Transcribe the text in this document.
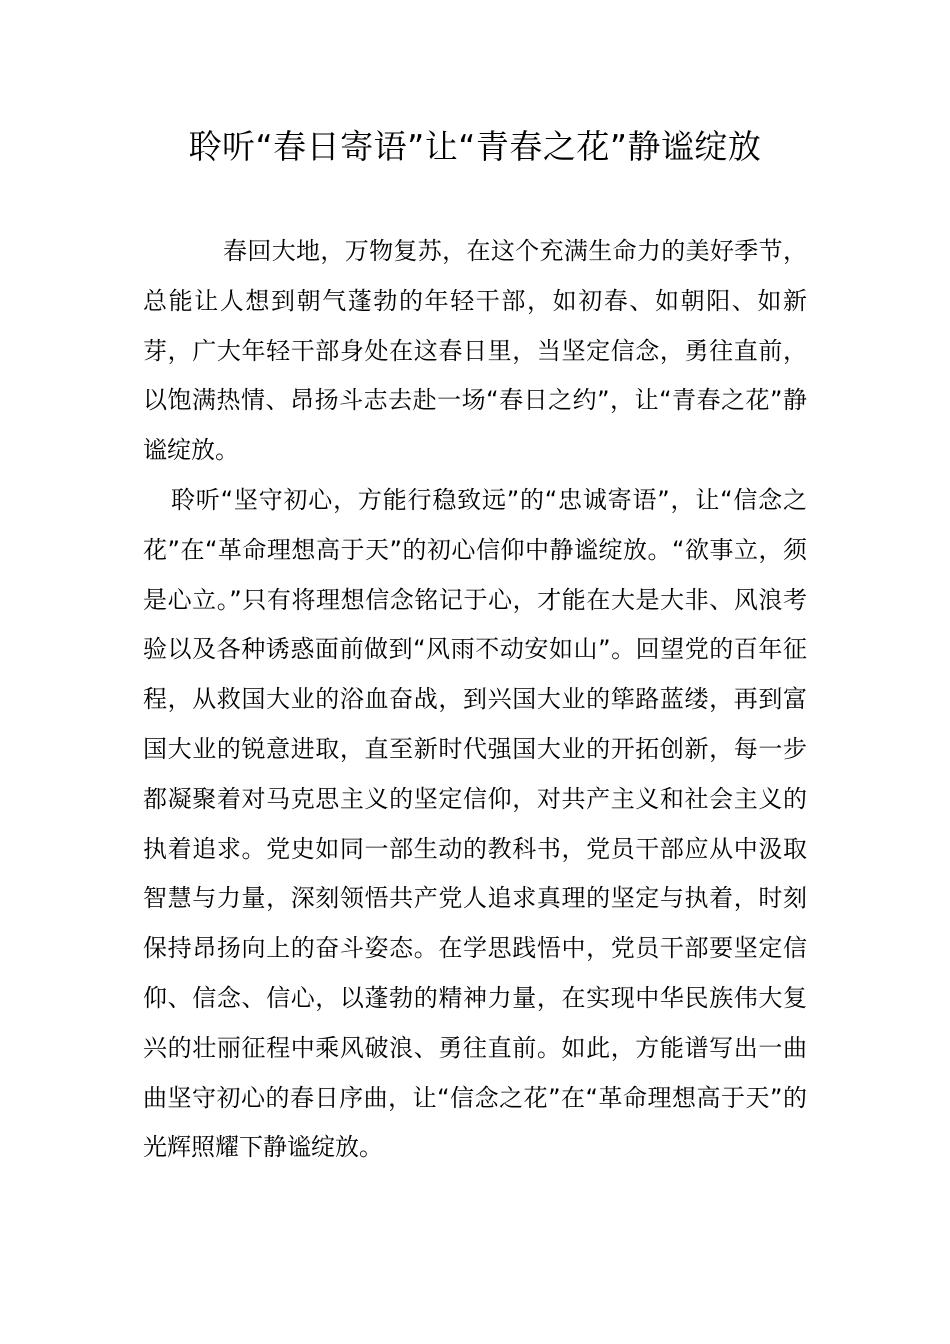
聆听“春日寄语”让“青春之花”静谧绽放

春回大地，万物复苏，在这个充满生命力的美好季节，总能让人想到朝气蓬勃的年轻干部，如初春、如朝阳、如新芽，广大年轻干部身处在这春日里，当坚定信念，勇往直前，以饱满热情、昂扬斗志去赴一场“春日之约”，让“青春之花”静谧绽放。

聆听“坚守初心，方能行稳致远”的“忠诚寄语”，让“信念之花”在“革命理想高于天”的初心信仰中静谧绽放。“欲事立，须是心立。”只有将理想信念铭记于心，才能在大是大非、风浪考验以及各种诱惑面前做到“风雨不动安如山”。回望党的百年征程，从救国大业的浴血奋战，到兴国大业的筚路蓝缕，再到富国大业的锐意进取，直至新时代强国大业的开拓创新，每一步都凝聚着对马克思主义的坚定信仰，对共产主义和社会主义的执着追求。党史如同一部生动的教科书，党员干部应从中汲取智慧与力量，深刻领悟共产党人追求真理的坚定与执着，时刻保持昂扬向上的奋斗姿态。在学思践悟中，党员干部要坚定信仰、信念、信心，以蓬勃的精神力量，在实现中华民族伟大复兴的壮丽征程中乘风破浪、勇往直前。如此，方能谱写出一曲曲坚守初心的春日序曲，让“信念之花”在“革命理想高于天”的光辉照耀下静谧绽放。
